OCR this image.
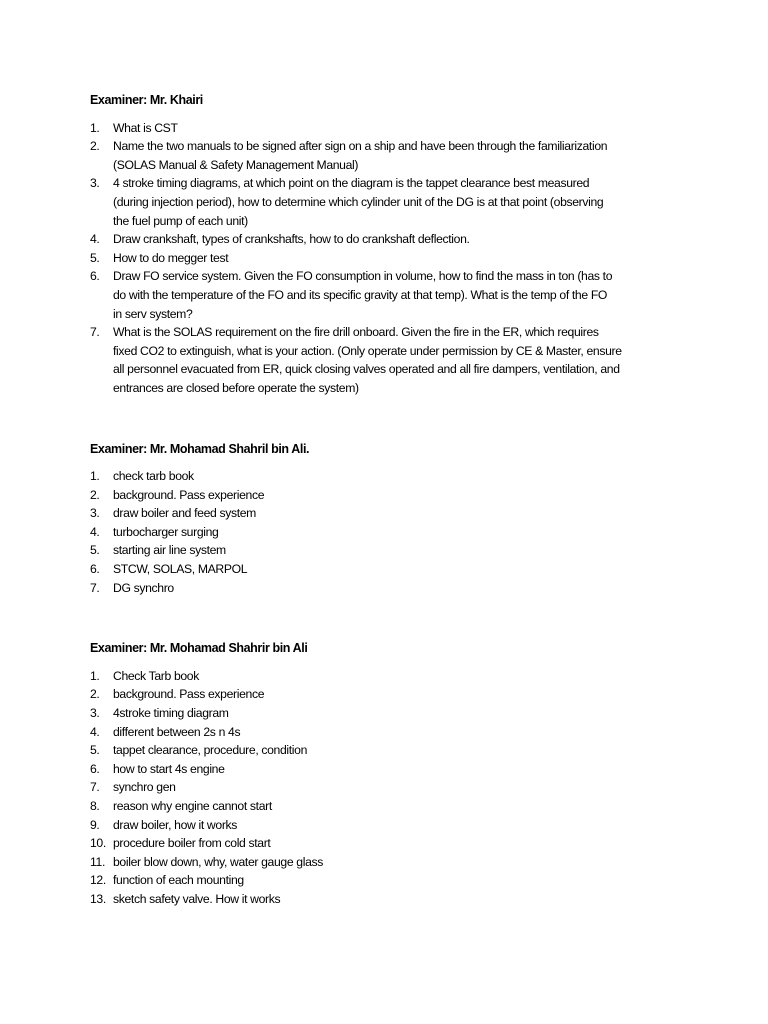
Examiner: Mr. Khairi
1. What is CST
2. Name the two manuals to be signed after sign on a ship and have been through the familiarization
(SOLAS Manual & Safety Management Manual)
3. 4 stroke timing diagrams, at which point on the diagram is the tappet clearance best measured
(during injection period), how to determine which cylinder unit of the DG is at that point (observing
the fuel pump of each unit)
4. Draw crankshaft, types of crankshafts, how to do crankshaft deflection.
5. How to do megger test
6. Draw FO service system. Given the FO consumption in volume, how to find the mass in ton (has to
do with the temperature of the FO and its specific gravity at that temp). What is the temp of the FO
in serv system?
7. What is the SOLAS requirement on the fire drill onboard. Given the fire in the ER, which requires
fixed CO2 to extinguish, what is your action. (Only operate under permission by CE & Master, ensure
all personnel evacuated from ER, quick closing valves operated and all fire dampers, ventilation, and
entrances are closed before operate the system)
Examiner: Mr. Mohamad Shahril bin Ali.
1. check tarb book
2. background. Pass experience
3. draw boiler and feed system
4. turbocharger surging
5. starting air line system
6. STCW, SOLAS, MARPOL
7. DG synchro
Examiner: Mr. Mohamad Shahrir bin Ali
1. Check Tarb book
2. background. Pass experience
3. 4stroke timing diagram
4. different between 2s n 4s
5. tappet clearance, procedure, condition
6. how to start 4s engine
7. synchro gen
8. reason why engine cannot start
9. draw boiler, how it works
10. procedure boiler from cold start
11. boiler blow down, why, water gauge glass
12. function of each mounting
13. sketch safety valve. How it works
